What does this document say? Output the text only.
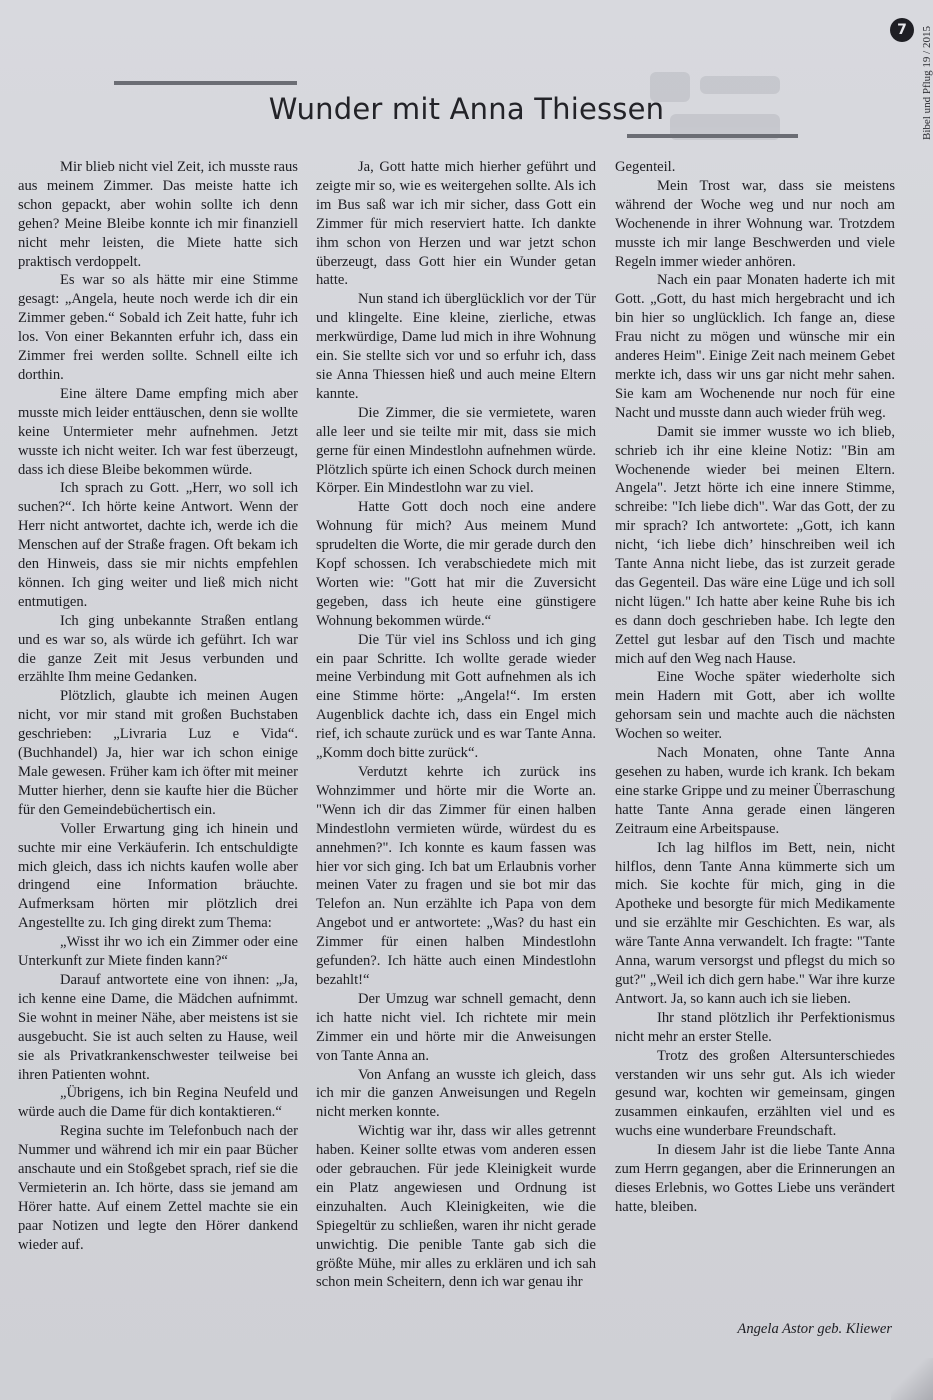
7	Bibel und Pflug 19 / 2015
Wunder mit Anna Thiessen

Mir blieb nicht viel Zeit, ich musste raus aus meinem Zimmer. Das meiste hatte ich schon gepackt, aber wohin sollte ich denn gehen? Meine Bleibe konnte ich mir finanziell nicht mehr leisten, die Miete hatte sich praktisch verdoppelt.

Es war so als hätte mir eine Stimme gesagt: „Angela, heute noch werde ich dir ein Zimmer geben.“ Sobald ich Zeit hatte, fuhr ich los. Von einer Bekannten erfuhr ich, dass ein Zimmer frei werden sollte. Schnell eilte ich dorthin.

Eine ältere Dame empfing mich aber musste mich leider enttäuschen, denn sie wollte keine Untermieter mehr aufnehmen. Jetzt wusste ich nicht weiter. Ich war fest überzeugt, dass ich diese Bleibe bekommen würde.

Ich sprach zu Gott. „Herr, wo soll ich suchen?“. Ich hörte keine Antwort. Wenn der Herr nicht antwortet, dachte ich, werde ich die Menschen auf der Straße fragen. Oft bekam ich den Hinweis, dass sie mir nichts empfehlen können. Ich ging weiter und ließ mich nicht entmutigen.

Ich ging unbekannte Straßen entlang und es war so, als würde ich geführt. Ich war die ganze Zeit mit Jesus verbunden und erzählte Ihm meine Gedanken.

Plötzlich, glaubte ich meinen Augen nicht, vor mir stand mit großen Buchstaben geschrieben: „Livraria Luz e Vida“. (Buchhandel) Ja, hier war ich schon einige Male gewesen. Früher kam ich öfter mit meiner Mutter hierher, denn sie kaufte hier die Bücher für den Gemeindebüchertisch ein.

Voller Erwartung ging ich hinein und suchte mir eine Verkäuferin. Ich entschuldigte mich gleich, dass ich nichts kaufen wolle aber dringend eine Information bräuchte. Aufmerksam hörten mir plötzlich drei Angestellte zu. Ich ging direkt zum Thema:

„Wisst ihr wo ich ein Zimmer oder eine Unterkunft zur Miete finden kann?“

Darauf antwortete eine von ihnen: „Ja, ich kenne eine Dame, die Mädchen aufnimmt. Sie wohnt in meiner Nähe, aber meistens ist sie ausgebucht. Sie ist auch selten zu Hause, weil sie als Privatkrankenschwester teilweise bei ihren Patienten wohnt.

„Übrigens, ich bin Regina Neufeld und würde auch die Dame für dich kontaktieren.“

Regina suchte im Telefonbuch nach der Nummer und während ich mir ein paar Bücher anschaute und ein Stoßgebet sprach, rief sie die Vermieterin an. Ich hörte, dass sie jemand am Hörer hatte. Auf einem Zettel machte sie ein paar Notizen und legte den Hörer dankend wieder auf.

Ja, Gott hatte mich hierher geführt und zeigte mir so, wie es weitergehen sollte. Als ich im Bus saß war ich mir sicher, dass Gott ein Zimmer für mich reserviert hatte. Ich dankte ihm schon von Herzen und war jetzt schon überzeugt, dass Gott hier ein Wunder getan hatte.

Nun stand ich überglücklich vor der Tür und klingelte. Eine kleine, zierliche, etwas merkwürdige, Dame lud mich in ihre Wohnung ein. Sie stellte sich vor und so erfuhr ich, dass sie Anna Thiessen hieß und auch meine Eltern kannte.

Die Zimmer, die sie vermietete, waren alle leer und sie teilte mir mit, dass sie mich gerne für einen Mindestlohn aufnehmen würde. Plötzlich spürte ich einen Schock durch meinen Körper. Ein Mindestlohn war zu viel.

Hatte Gott doch noch eine andere Wohnung für mich? Aus meinem Mund sprudelten die Worte, die mir gerade durch den Kopf schossen. Ich verabschiedete mich mit Worten wie: "Gott hat mir die Zuversicht gegeben, dass ich heute eine günstigere Wohnung bekommen würde.“

Die Tür viel ins Schloss und ich ging ein paar Schritte. Ich wollte gerade wieder meine Verbindung mit Gott aufnehmen als ich eine Stimme hörte: „Angela!“. Im ersten Augenblick dachte ich, dass ein Engel mich rief, ich schaute zurück und es war Tante Anna. „Komm doch bitte zurück“.

Verdutzt kehrte ich zurück ins Wohnzimmer und hörte mir die Worte an. "Wenn ich dir das Zimmer für einen halben Mindestlohn vermieten würde, würdest du es annehmen?". Ich konnte es kaum fassen was hier vor sich ging. Ich bat um Erlaubnis vorher meinen Vater zu fragen und sie bot mir das Telefon an. Nun erzählte ich Papa von dem Angebot und er antwortete: „Was? du hast ein Zimmer für einen halben Mindestlohn gefunden?. Ich hätte auch einen Mindestlohn bezahlt!“

Der Umzug war schnell gemacht, denn ich hatte nicht viel. Ich richtete mir mein Zimmer ein und hörte mir die Anweisungen von Tante Anna an.

Von Anfang an wusste ich gleich, dass ich mir die ganzen Anweisungen und Regeln nicht merken konnte.

Wichtig war ihr, dass wir alles getrennt haben. Keiner sollte etwas vom anderen essen oder gebrauchen. Für jede Kleinigkeit wurde ein Platz angewiesen und Ordnung ist einzuhalten. Auch Kleinigkeiten, wie die Spiegeltür zu schließen, waren ihr nicht gerade unwichtig. Die penible Tante gab sich die größte Mühe, mir alles zu erklären und ich sah schon mein Scheitern, denn ich war genau ihr

Gegenteil.

Mein Trost war, dass sie meistens während der Woche weg und nur noch am Wochenende in ihrer Wohnung war. Trotzdem musste ich mir lange Beschwerden und viele Regeln immer wieder anhören.

Nach ein paar Monaten haderte ich mit Gott. „Gott, du hast mich hergebracht und ich bin hier so unglücklich. Ich fange an, diese Frau nicht zu mögen und wünsche mir ein anderes Heim". Einige Zeit nach meinem Gebet merkte ich, dass wir uns gar nicht mehr sahen. Sie kam am Wochenende nur noch für eine Nacht und musste dann auch wieder früh weg.

Damit sie immer wusste wo ich blieb, schrieb ich ihr eine kleine Notiz: "Bin am Wochenende wieder bei meinen Eltern. Angela". Jetzt hörte ich eine innere Stimme, schreibe: "Ich liebe dich". War das Gott, der zu mir sprach? Ich antwortete: „Gott, ich kann nicht, ‘ich liebe dich’ hinschreiben weil ich Tante Anna nicht liebe, das ist zurzeit gerade das Gegenteil. Das wäre eine Lüge und ich soll nicht lügen." Ich hatte aber keine Ruhe bis ich es dann doch geschrieben habe. Ich legte den Zettel gut lesbar auf den Tisch und machte mich auf den Weg nach Hause.

Eine Woche später wiederholte sich mein Hadern mit Gott, aber ich wollte gehorsam sein und machte auch die nächsten Wochen so weiter.

Nach Monaten, ohne Tante Anna gesehen zu haben, wurde ich krank. Ich bekam eine starke Grippe und zu meiner Überraschung hatte Tante Anna gerade einen längeren Zeitraum eine Arbeitspause.

Ich lag hilflos im Bett, nein, nicht hilflos, denn Tante Anna kümmerte sich um mich. Sie kochte für mich, ging in die Apotheke und besorgte für mich Medikamente und sie erzählte mir Geschichten. Es war, als wäre Tante Anna verwandelt. Ich fragte: "Tante Anna, warum versorgst und pflegst du mich so gut?" „Weil ich dich gern habe." War ihre kurze Antwort. Ja, so kann auch ich sie lieben.

Ihr stand plötzlich ihr Perfektionismus nicht mehr an erster Stelle.

Trotz des großen Altersunterschiedes verstanden wir uns sehr gut. Als ich wieder gesund war, kochten wir gemeinsam, gingen zusammen einkaufen, erzählten viel und es wuchs eine wunderbare Freundschaft.

In diesem Jahr ist die liebe Tante Anna zum Herrn gegangen, aber die Erinnerungen an dieses Erlebnis, wo Gottes Liebe uns verändert hatte, bleiben.

Angela Astor geb. Kliewer
